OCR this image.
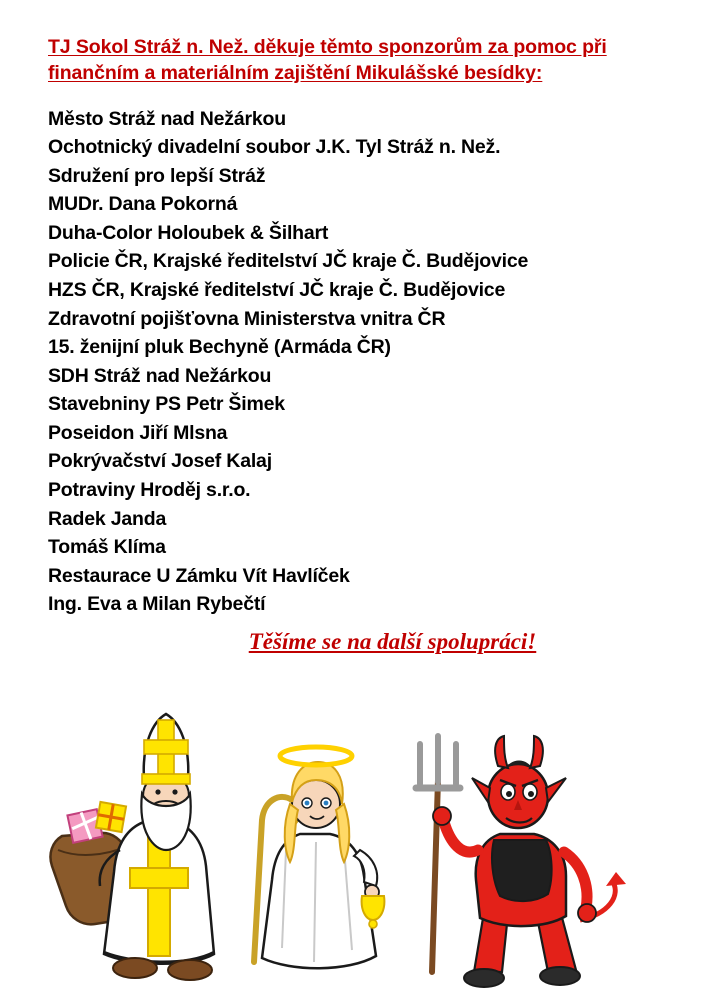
TJ Sokol Stráž n. Než. děkuje těmto sponzorům za pomoc při finančním a materiálním zajištění Mikulášské besídky:

Město Stráž nad Nežárkou
Ochotnický divadelní soubor J.K. Tyl Stráž n. Než.
Sdružení pro lepší Stráž
MUDr. Dana Pokorná
Duha-Color Holoubek & Šilhart
Policie ČR, Krajské ředitelství JČ kraje Č. Budějovice
HZS ČR, Krajské ředitelství JČ kraje Č. Budějovice
Zdravotní pojišťovna Ministerstva vnitra ČR
15. ženijní pluk Bechyně (Armáda ČR)
SDH Stráž nad Nežárkou
Stavebniny PS Petr Šimek
Poseidon Jiří Mlsna
Pokrývačství Josef Kalaj
Potraviny Hroděj s.r.o.
Radek Janda
Tomáš Klíma
Restaurace U Zámku Vít Havlíček
Ing. Eva a Milan Rybečtí
Těšíme se na další spolupráci!
